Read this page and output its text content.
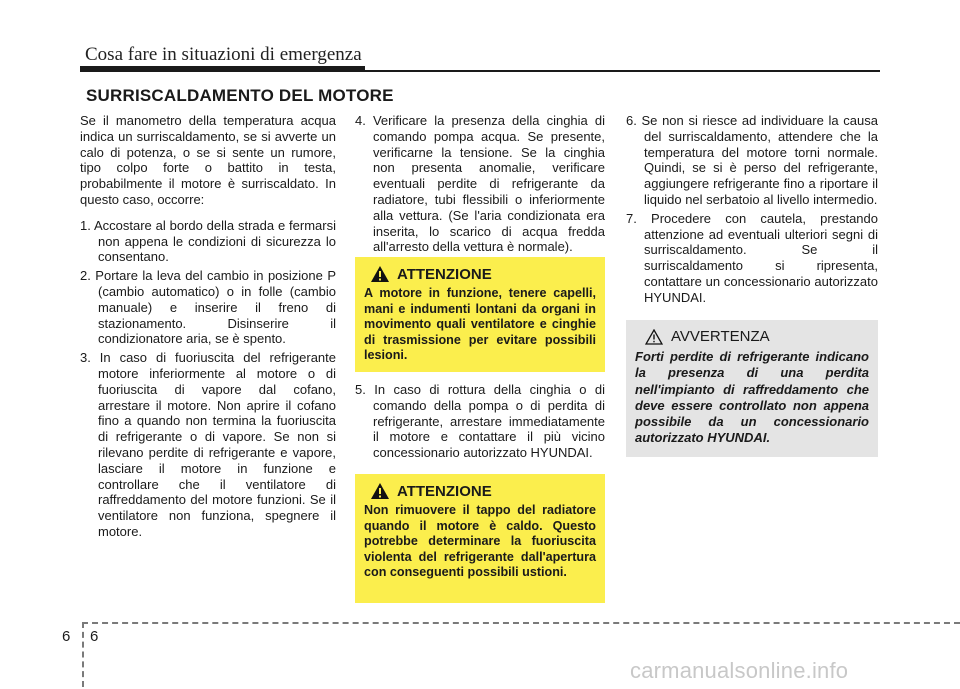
Cosa fare in situazioni di emergenza
SURRISCALDAMENTO DEL MOTORE

Se il manometro della temperatura acqua indica un surriscaldamento, se si avverte un calo di potenza, o se si sente un rumore, tipo colpo forte o battito in testa, probabilmente il motore è surriscaldato. In questo caso, occorre:

1. Accostare al bordo della strada e fermarsi non appena le condizioni di sicurezza lo consentano.

2. Portare la leva del cambio in posizione P (cambio automatico) o in folle (cambio manuale) e inserire il freno di stazionamento. Disinserire il condizionatore aria, se è spento.

3. In caso di fuoriuscita del refrigerante motore inferiormente al motore o di fuoriuscita di vapore dal cofano, arrestare il motore. Non aprire il cofano fino a quando non termina la fuoriuscita di refrigerante o di vapore. Se non si rilevano perdite di refrigerante e vapore, lasciare il motore in funzione e controllare che il ventilatore di raffreddamento del motore funzioni. Se il ventilatore non funziona, spegnere il motore.

4. Verificare la presenza della cinghia di comando pompa acqua. Se presente, verificarne la tensione. Se la cinghia non presenta anomalie, verificare eventuali perdite di refrigerante da radiatore, tubi flessibili o inferiormente alla vettura. (Se l'aria condizionata era inserita, lo scarico di acqua fredda all'arresto della vettura è normale).

ATTENZIONE
A motore in funzione, tenere capelli, mani e indumenti lontani da organi in movimento quali ventilatore e cinghie di trasmissione per evitare possibili lesioni.

5. In caso di rottura della cinghia o di comando della pompa o di perdita di refrigerante, arrestare immediatamente il motore e contattare il più vicino concessionario autorizzato HYUNDAI.

ATTENZIONE
Non rimuovere il tappo del radiatore quando il motore è caldo. Questo potrebbe determinare la fuoriuscita violenta del refrigerante dall'apertura con conseguenti possibili ustioni.

6. Se non si riesce ad individuare la causa del surriscaldamento, attendere che la temperatura del motore torni normale. Quindi, se si è perso del refrigerante, aggiungere refrigerante fino a riportare il liquido nel serbatoio al livello intermedio.

7. Procedere con cautela, prestando attenzione ad eventuali ulteriori segni di surriscaldamento. Se il surriscaldamento si ripresenta, contattare un concessionario autorizzato HYUNDAI.

AVVERTENZA
Forti perdite di refrigerante indicano la presenza di una perdita nell'impianto di raffreddamento che deve essere controllato non appena possibile da un concessionario autorizzato HYUNDAI.
6 6
carmanualsonline.info
